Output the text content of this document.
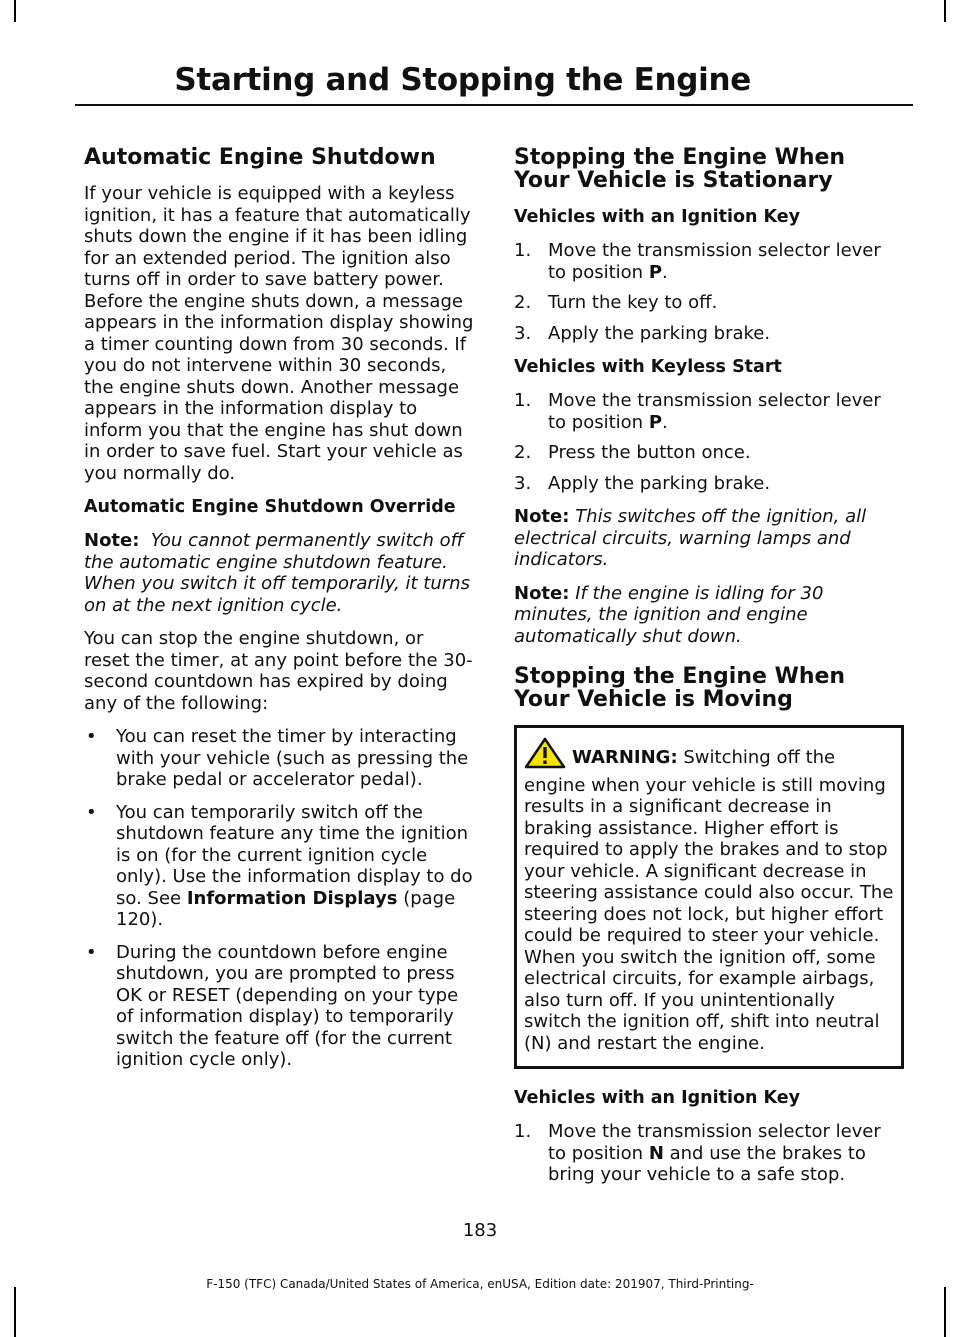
Starting and Stopping the Engine
Automatic Engine Shutdown

If your vehicle is equipped with a keyless ignition, it has a feature that automatically shuts down the engine if it has been idling for an extended period. The ignition also turns off in order to save battery power. Before the engine shuts down, a message appears in the information display showing a timer counting down from 30 seconds. If you do not intervene within 30 seconds, the engine shuts down. Another message appears in the information display to inform you that the engine has shut down in order to save fuel. Start your vehicle as you normally do.

Automatic Engine Shutdown Override

Note: You cannot permanently switch off the automatic engine shutdown feature. When you switch it off temporarily, it turns on at the next ignition cycle.

You can stop the engine shutdown, or reset the timer, at any point before the 30-second countdown has expired by doing any of the following:

• You can reset the timer by interacting with your vehicle (such as pressing the brake pedal or accelerator pedal).
• You can temporarily switch off the shutdown feature any time the ignition is on (for the current ignition cycle only). Use the information display to do so. See Information Displays (page 120).
• During the countdown before engine shutdown, you are prompted to press OK or RESET (depending on your type of information display) to temporarily switch the feature off (for the current ignition cycle only).
Stopping the Engine When Your Vehicle is Stationary
Vehicles with an Ignition Key
1. Move the transmission selector lever to position P.
2. Turn the key to off.
3. Apply the parking brake.
Vehicles with Keyless Start
1. Move the transmission selector lever to position P.
2. Press the button once.
3. Apply the parking brake.

Note: This switches off the ignition, all electrical circuits, warning lamps and indicators.

Note: If the engine is idling for 30 minutes, the ignition and engine automatically shut down.

Stopping the Engine When Your Vehicle is Moving
WARNING: Switching off the engine when your vehicle is still moving results in a significant decrease in braking assistance. Higher effort is required to apply the brakes and to stop your vehicle. A significant decrease in steering assistance could also occur. The steering does not lock, but higher effort could be required to steer your vehicle. When you switch the ignition off, some electrical circuits, for example airbags, also turn off. If you unintentionally switch the ignition off, shift into neutral (N) and restart the engine.
Vehicles with an Ignition Key
1. Move the transmission selector lever to position N and use the brakes to bring your vehicle to a safe stop.
183
F-150 (TFC) Canada/United States of America, enUSA, Edition date: 201907, Third-Printing-
